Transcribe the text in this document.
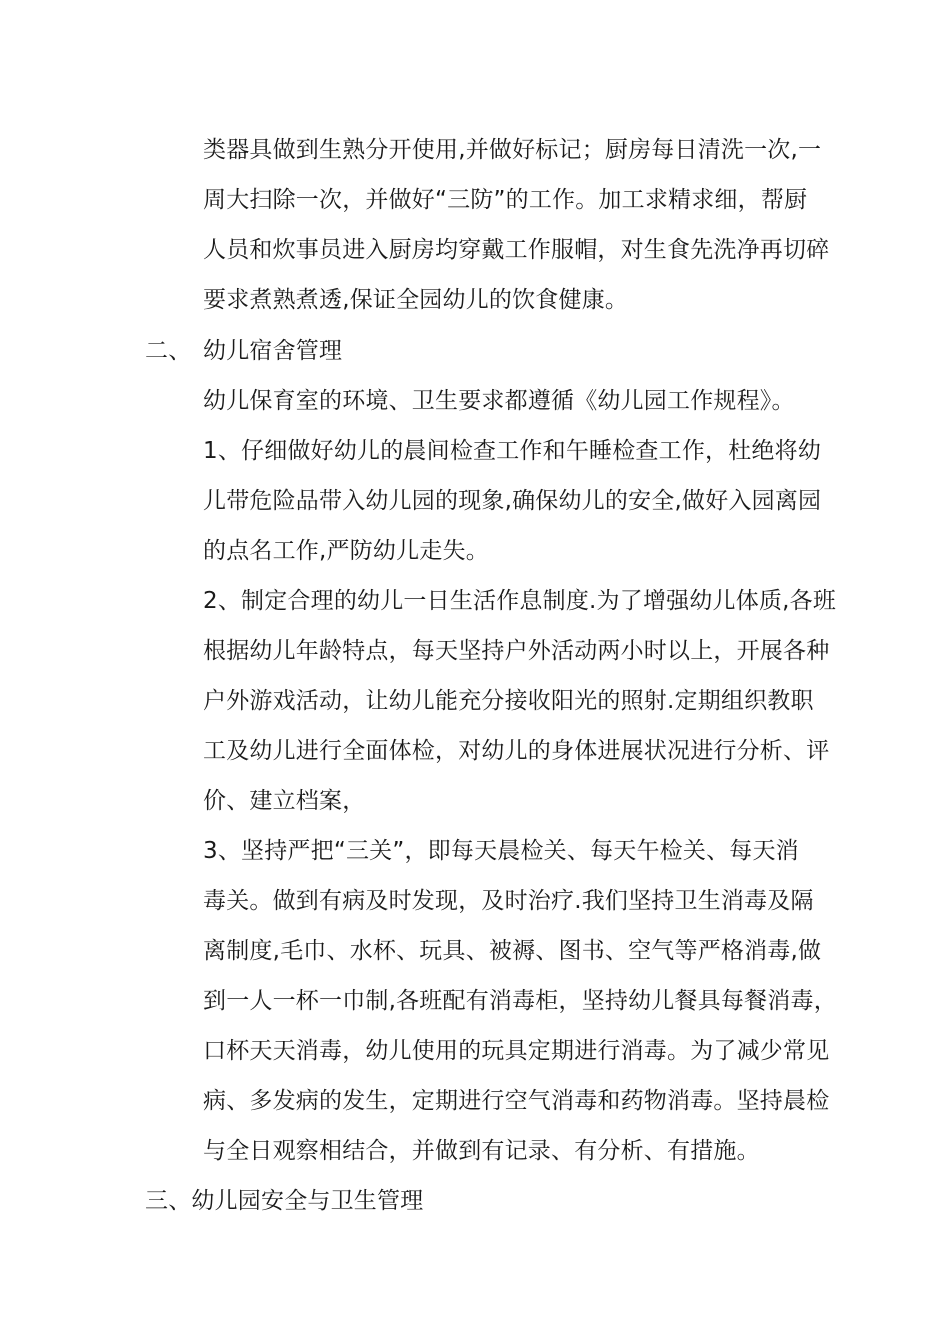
类器具做到生熟分开使用,并做好标记；厨房每日清洗一次,一
周大扫除一次，并做好“三防”的工作。加工求精求细，帮厨
人员和炊事员进入厨房均穿戴工作服帽，对生食先洗净再切碎
要求煮熟煮透,保证全园幼儿的饮食健康。
二、 幼儿宿舍管理
幼儿保育室的环境、卫生要求都遵循《幼儿园工作规程》。
1、仔细做好幼儿的晨间检查工作和午睡检查工作，杜绝将幼
儿带危险品带入幼儿园的现象,确保幼儿的安全,做好入园离园
的点名工作,严防幼儿走失。
2、制定合理的幼儿一日生活作息制度.为了增强幼儿体质,各班
根据幼儿年龄特点，每天坚持户外活动两小时以上，开展各种
户外游戏活动，让幼儿能充分接收阳光的照射.定期组织教职
工及幼儿进行全面体检，对幼儿的身体进展状况进行分析、评
价、建立档案，
3、坚持严把“三关”，即每天晨检关、每天午检关、每天消
毒关。做到有病及时发现，及时治疗.我们坚持卫生消毒及隔
离制度,毛巾、水杯、玩具、被褥、图书、空气等严格消毒,做
到一人一杯一巾制,各班配有消毒柜，坚持幼儿餐具每餐消毒，
口杯天天消毒，幼儿使用的玩具定期进行消毒。为了减少常见
病、多发病的发生，定期进行空气消毒和药物消毒。坚持晨检
与全日观察相结合，并做到有记录、有分析、有措施。
三、幼儿园安全与卫生管理
